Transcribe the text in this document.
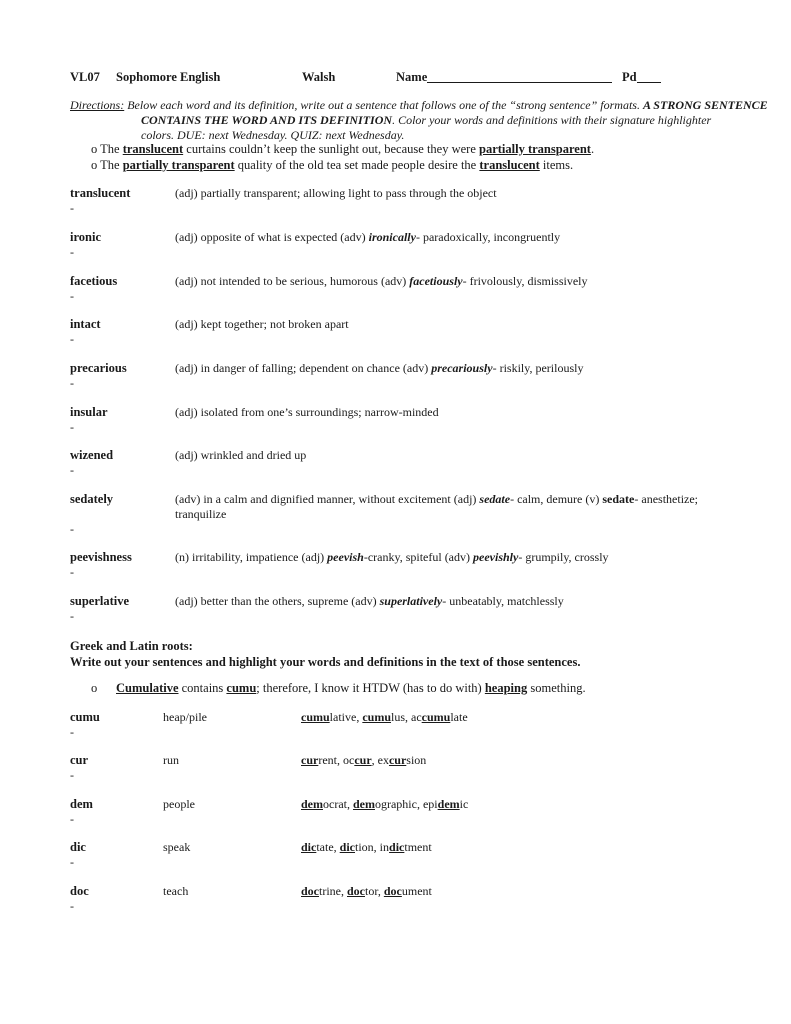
VL07 Sophomore English	Walsh	Name	Pd
Directions: Below each word and its definition, write out a sentence that follows one of the “strong sentence” formats. A STRONG SENTENCE
CONTAINS THE WORD AND ITS DEFINITION. Color your words and definitions with their signature highlighter
colors. DUE: next Wednesday. QUIZ: next Wednesday.
o The translucent curtains couldn’t keep the sunlight out, because they were partially transparent.
o The partially transparent quality of the old tea set made people desire the translucent items.
translucent	(adj) partially transparent; allowing light to pass through the object
-
ironic	(adj) opposite of what is expected (adv) ironically- paradoxically, incongruently
-
facetious	(adj) not intended to be serious, humorous (adv) facetiously- frivolously, dismissively
-
intact	(adj) kept together; not broken apart
-
precarious	(adj) in danger of falling; dependent on chance (adv) precariously- riskily, perilously
-
insular	(adj) isolated from one’s surroundings; narrow-minded
-
wizened	(adj) wrinkled and dried up
-
sedately	(adv) in a calm and dignified manner, without excitement (adj) sedate- calm, demure (v) sedate- anesthetize; tranquilize
-
peevishness	(n) irritability, impatience (adj) peevish-cranky, spiteful (adv) peevishly- grumpily, crossly
-
superlative	(adj) better than the others, supreme (adv) superlatively- unbeatably, matchlessly
-
Greek and Latin roots:
Write out your sentences and highlight your words and definitions in the text of those sentences.
o Cumulative contains cumu; therefore, I know it HTDW (has to do with) heaping something.
cumu	heap/pile	cumulative, cumulus, accumulate
-
cur	run	current, occur, excursion
-
dem	people	democrat, demographic, epidemic
-
dic	speak	dictate, diction, indictment
-
doc	teach	doctrine, doctor, document
-
